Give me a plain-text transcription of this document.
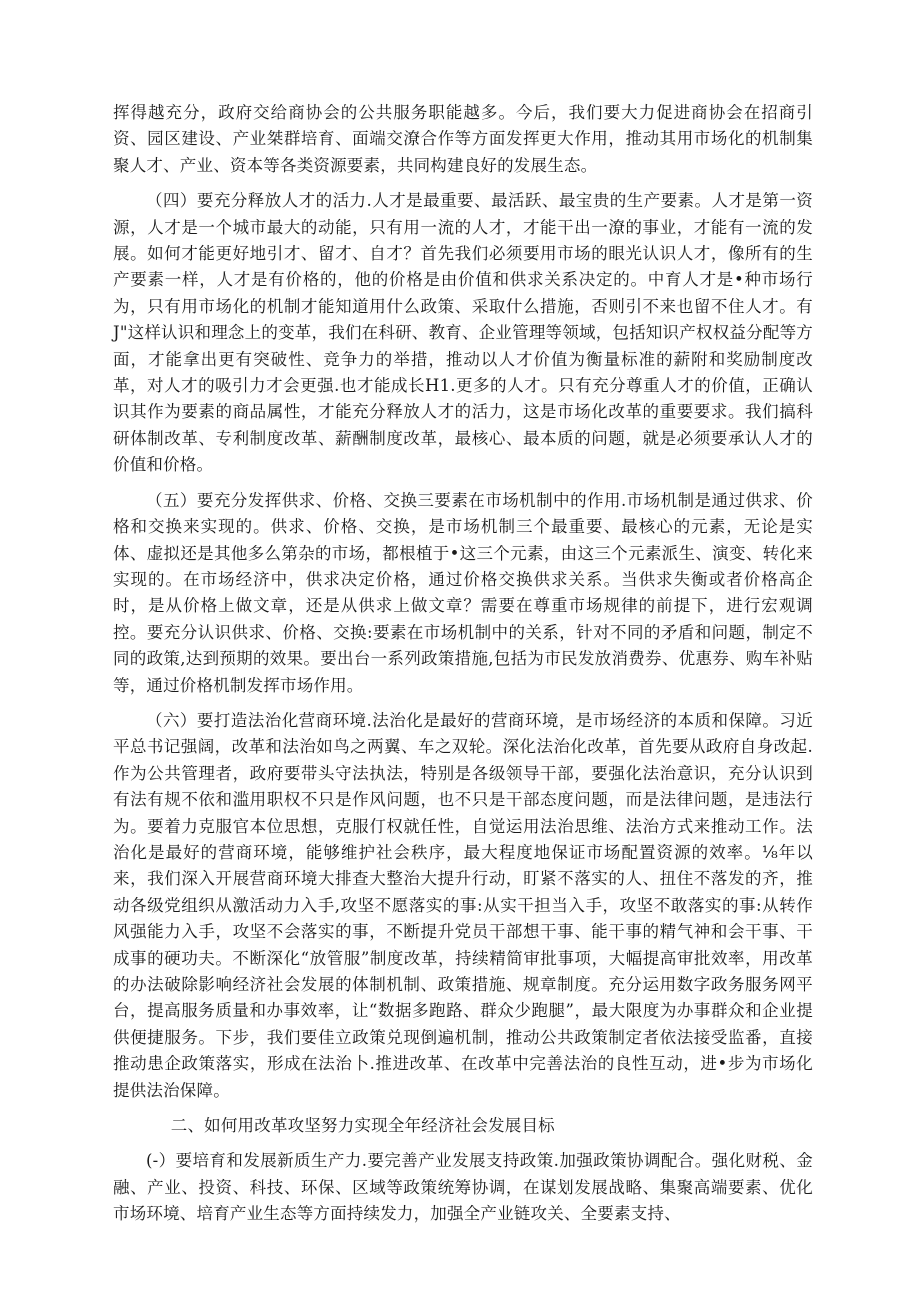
挥得越充分，政府交给商协会的公共服务职能越多。今后，我们要大力促进商协会在招商引资、园区建设、产业桀群培育、面端交潦合作等方面发挥更大作用，推动其用市场化的机制集聚人才、产业、资本等各类资源要素，共同构建良好的发展生态。

（四）要充分释放人才的活力.人才是最重要、最活跃、最宝贵的生产要素。人才是第一资源，人才是一个城市最大的动能，只有用一流的人才，才能干出一潦的事业，才能有一流的发展。如何才能更好地引才、留才、自才？首先我们必须要用市场的眼光认识人才，像所有的生产要素一样，人才是有价格的，他的价格是由价值和供求关系决定的。中育人才是•种市场行为，只有用市场化的机制才能知道用什么政策、采取什么措施，否则引不来也留不住人才。有J"这样认识和理念上的变革，我们在科研、教育、企业管理等领域，包括知识产权权益分配等方面，才能拿出更有突破性、竞争力的举措，推动以人才价值为衡量标准的薪附和奖励制度改革，对人才的吸引力才会更强.也才能成长H1.更多的人才。只有充分尊重人才的价值，正确认识其作为要素的商品属性，才能充分释放人才的活力，这是市场化改革的重要要求。我们搞科研体制改革、专利制度改革、薪酬制度改革，最核心、最本质的问题，就是必须要承认人才的价值和价格。

（五）要充分发挥供求、价格、交换三要素在市场机制中的作用.市场机制是通过供求、价格和交换来实现的。供求、价格、交换，是市场机制三个最重要、最核心的元素，无论是实体、虚拟还是其他多么第杂的市场，都根植于•这三个元素，由这三个元素派生、演变、转化来实现的。在市场经济中，供求决定价格，通过价格交换供求关系。当供求失衡或者价格高企时，是从价格上做文章，还是从供求上做文章？需要在尊重市场规律的前提下，进行宏观调控。要充分认识供求、价格、交换:要素在市场机制中的关系，针对不同的矛盾和问题，制定不同的政策,达到预期的效果。要出台一系列政策措施,包括为市民发放消费券、优惠券、购车补贴等，通过价格机制发挥市场作用。

（六）要打造法治化营商环境.法治化是最好的营商环境，是市场经济的本质和保障。习近平总书记强阔，改革和法治如鸟之两翼、车之双轮。深化法治化改革，首先要从政府自身改起.作为公共管理者，政府要带头守法执法，特别是各级领导干部，要强化法治意识，充分认识到有法有规不依和滥用职权不只是作风问题，也不只是干部态度问题，而是法律问题，是违法行为。要着力克服官本位思想，克服仃权就任性，自觉运用法治思维、法治方式来推动工作。法治化是最好的营商环境，能够维护社会秩序，最大程度地保证市场配置资源的效率。⅛年以来，我们深入开展营商环境大排查大整治大提升行动，盯紧不落实的人、扭住不落发的齐，推动各级党组织从激活动力入手,攻坚不愿落实的事:从实干担当入手，攻坚不敢落实的事:从转作风强能力入手，攻坚不会落实的事，不断提升党员干部想干事、能干事的精气神和会干事、干成事的硬功夫。不断深化“放管服”制度改革，持续精简审批事项，大幅提高审批效率，用改革的办法破除影响经济社会发展的体制机制、政策措施、规章制度。充分运用数字政务服务网平台，提高服务质量和办事效率，让“数据多跑路、群众少跑腿”，最大限度为办事群众和企业提供便捷服务。下步，我们要佳立政策兑现倒遍机制，推动公共政策制定者依法接受监番，直接推动患企政策落实，形成在法治卜.推进改革、在改革中完善法治的良性互动，进•步为市场化提供法治保障。

二、如何用改革攻坚努力实现全年经济社会发展目标

(-）要培育和发展新质生产力.要完善产业发展支持政策.加强政策协调配合。强化财税、金融、产业、投资、科技、环保、区域等政策统筹协调，在谋划发展战略、集聚高端要素、优化市场环境、培育产业生态等方面持续发力，加强全产业链攻关、全要素支持、
